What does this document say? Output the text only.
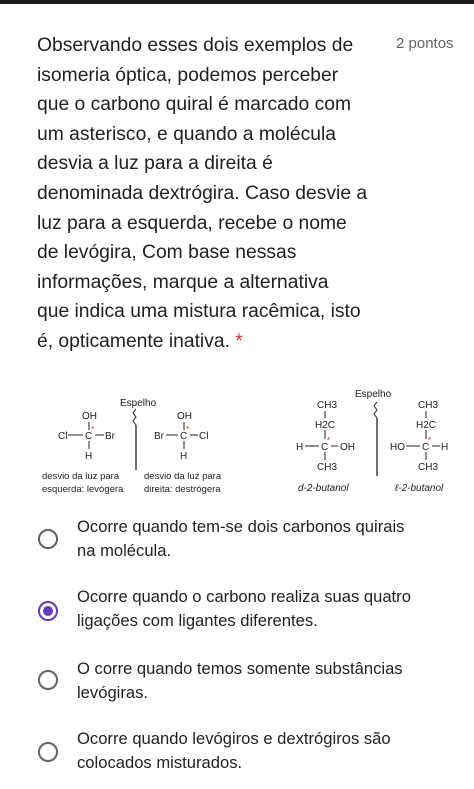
Observando esses dois exemplos de
isomeria óptica, podemos perceber
que o carbono quiral é marcado com
um asterisco, e quando a molécula
desvia a luz para a direita é
denominada dextrógira. Caso desvie a
luz para a esquerda, recebe o nome
de levógira, Com base nessas
informações, marque a alternativa
que indica uma mistura racêmica, isto
é, opticamente inativa. *
2 pontos
Espelho
OH
Cl C
*
Br
H
OH
Br C
*
Cl
H
desvio da luz para
esquerda: levógera
desvio da luz para
direita: destrógera
Espelho
CH3
H2C
H C
*
OH
CH3
d-2-butanol
CH3
H2C
HO C
*
H
CH3
ℓ-2-butanol
Ocorre quando tem-se dois carbonos quirais
na molécula.
Ocorre quando o carbono realiza suas quatro
ligações com ligantes diferentes.
O corre quando temos somente substâncias
levógiras.
Ocorre quando levógiros e dextrógiros são
colocados misturados.
